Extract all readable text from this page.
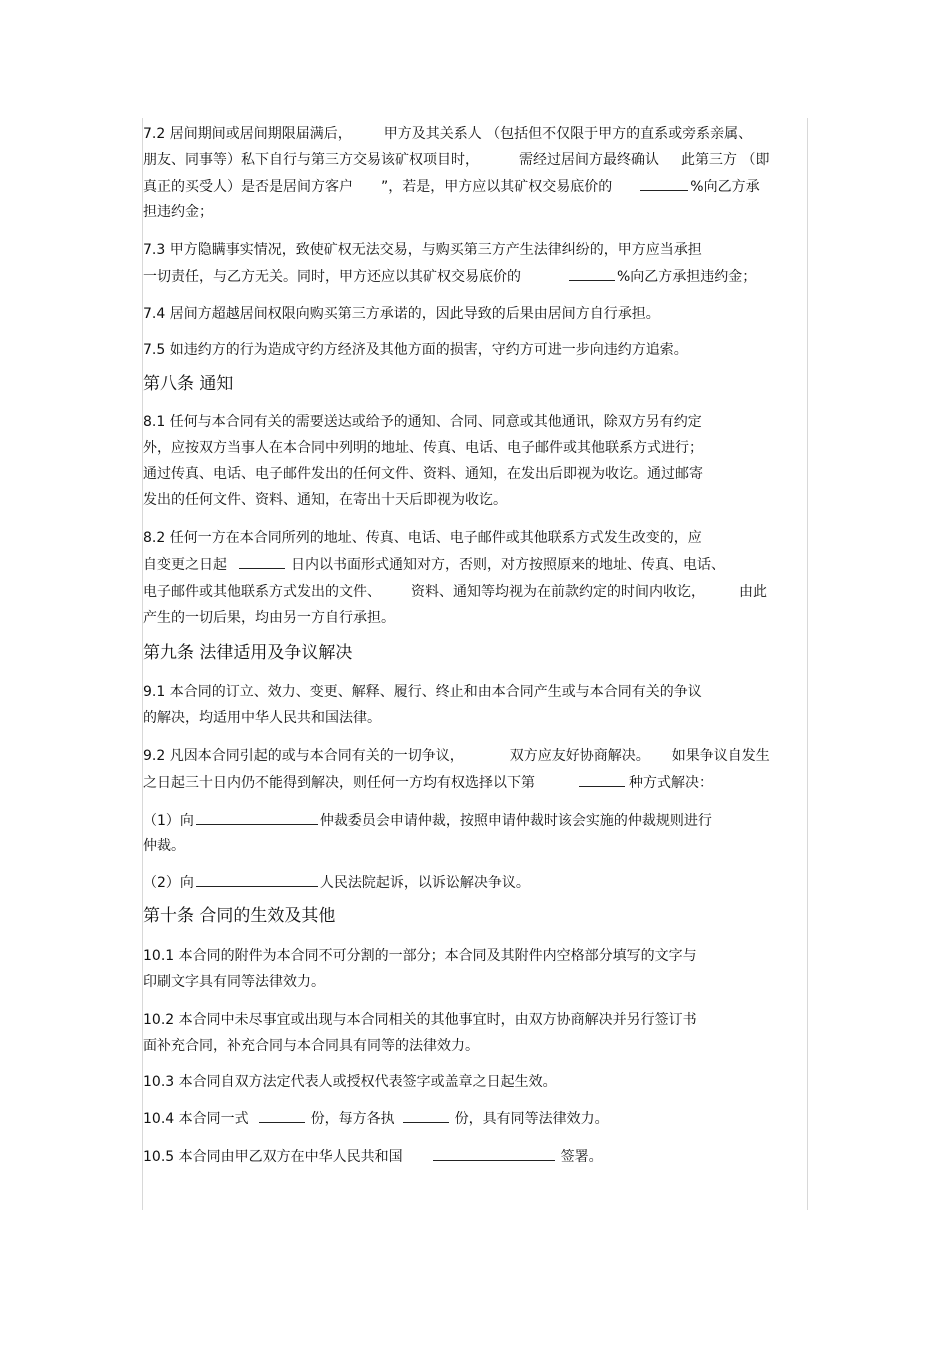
7.2 居间期间或居间期限届满后， 甲方及其关系人 （包括但不仅限于甲方的直系或旁系亲属、
朋友、同事等）私下自行与第三方交易该矿权项目时，	需经过居间方最终确认 此第三方 （即
真正的买受人）是否是居间方客户 ”，若是，甲方应以其矿权交易底价的	%向乙方承
担违约金；
7.3 甲方隐瞒事实情况，致使矿权无法交易，与购买第三方产生法律纠纷的，甲方应当承担
一切责任，与乙方无关。同时，甲方还应以其矿权交易底价的	%向乙方承担违约金；
7.4 居间方超越居间权限向购买第三方承诺的，因此导致的后果由居间方自行承担。
7.5 如违约方的行为造成守约方经济及其他方面的损害，守约方可进一步向违约方追索。
第八条 通知
8.1 任何与本合同有关的需要送达或给予的通知、合同、同意或其他通讯，除双方另有约定
外，应按双方当事人在本合同中列明的地址、传真、电话、电子邮件或其他联系方式进行；
通过传真、电话、电子邮件发出的任何文件、资料、通知，在发出后即视为收讫。通过邮寄
发出的任何文件、资料、通知，在寄出十天后即视为收讫。
8.2 任何一方在本合同所列的地址、传真、电话、电子邮件或其他联系方式发生改变的，应
自变更之日起	日内以书面形式通知对方，否则，对方按照原来的地址、传真、电话、
电子邮件或其他联系方式发出的文件、 资料、通知等均视为在前款约定的时间内收讫， 由此
产生的一切后果，均由另一方自行承担。
第九条 法律适用及争议解决
9.1 本合同的订立、效力、变更、解释、履行、终止和由本合同产生或与本合同有关的争议
的解决，均适用中华人民共和国法律。
9.2 凡因本合同引起的或与本合同有关的一切争议，	双方应友好协商解决。 如果争议自发生
之日起三十日内仍不能得到解决，则任何一方均有权选择以下第	种方式解决：
（1）向	仲裁委员会申请仲裁，按照申请仲裁时该会实施的仲裁规则进行
仲裁。
（2）向	人民法院起诉，以诉讼解决争议。
第十条 合同的生效及其他
10.1 本合同的附件为本合同不可分割的一部分；本合同及其附件内空格部分填写的文字与
印刷文字具有同等法律效力。
10.2 本合同中未尽事宜或出现与本合同相关的其他事宜时，由双方协商解决并另行签订书
面补充合同，补充合同与本合同具有同等的法律效力。
10.3 本合同自双方法定代表人或授权代表签字或盖章之日起生效。
10.4 本合同一式	份，每方各执	份，具有同等法律效力。
10.5 本合同由甲乙双方在中华人民共和国	签署。
